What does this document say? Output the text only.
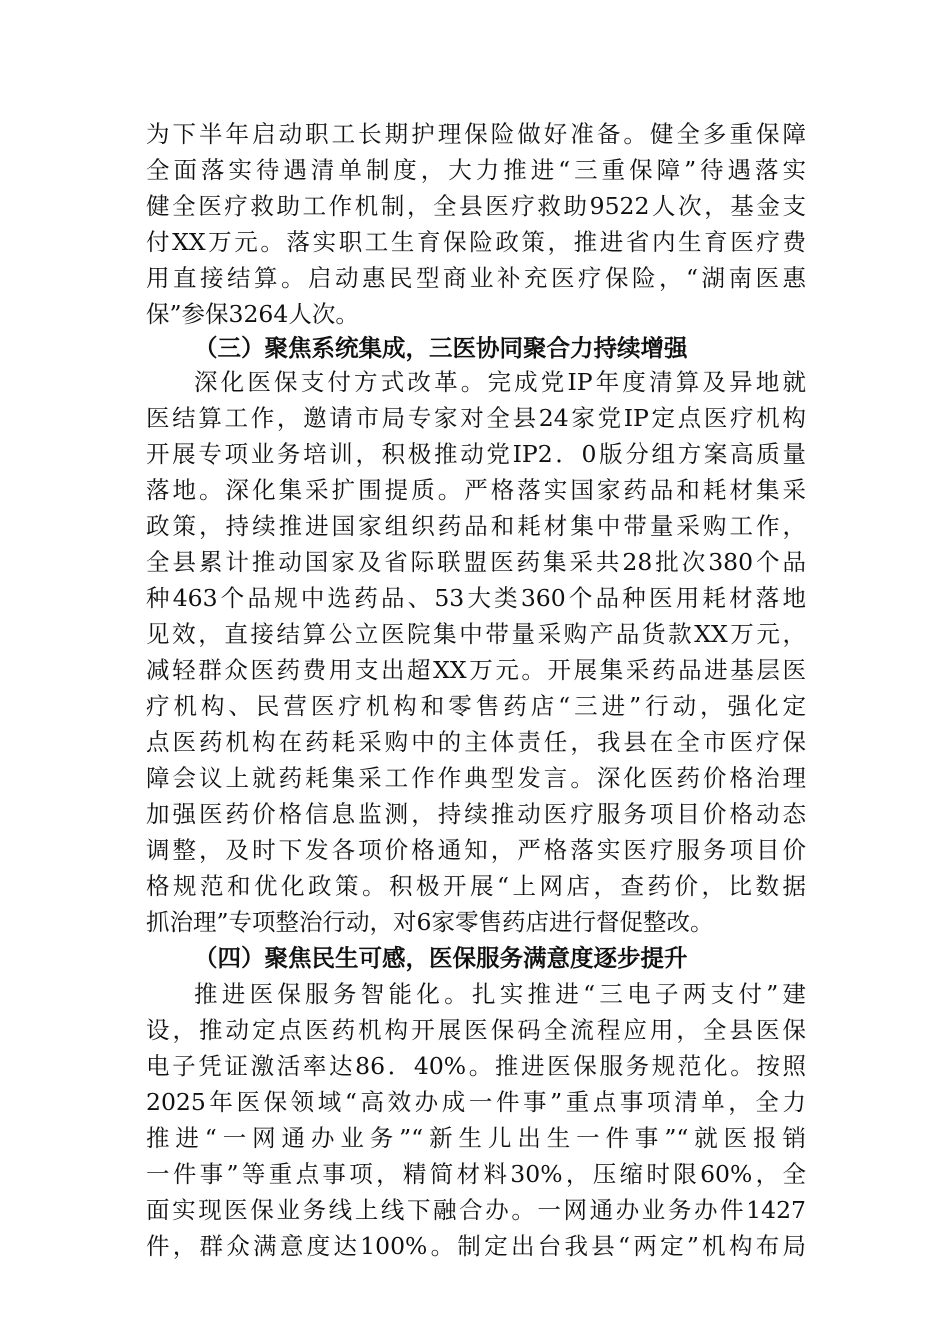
为下半年启动职工长期护理保险做好准备。健全多重保障
全面落实待遇清单制度，大力推进“三重保障”待遇落实
健全医疗救助工作机制，全县医疗救助9522人次，基金支
付XX万元。落实职工生育保险政策，推进省内生育医疗费
用直接结算。启动惠民型商业补充医疗保险，“湖南医惠
保”参保3264人次。
（三）聚焦系统集成，三医协同聚合力持续增强
深化医保支付方式改革。完成党IP年度清算及异地就
医结算工作，邀请市局专家对全县24家党IP定点医疗机构
开展专项业务培训，积极推动党IP2．0版分组方案高质量
落地。深化集采扩围提质。严格落实国家药品和耗材集采
政策，持续推进国家组织药品和耗材集中带量采购工作，
全县累计推动国家及省际联盟医药集采共28批次380个品
种463个品规中选药品、53大类360个品种医用耗材落地
见效，直接结算公立医院集中带量采购产品货款XX万元，
减轻群众医药费用支出超XX万元。开展集采药品进基层医
疗机构、民营医疗机构和零售药店“三进”行动，强化定
点医药机构在药耗采购中的主体责任，我县在全市医疗保
障会议上就药耗集采工作作典型发言。深化医药价格治理
加强医药价格信息监测，持续推动医疗服务项目价格动态
调整，及时下发各项价格通知，严格落实医疗服务项目价
格规范和优化政策。积极开展“上网店，查药价，比数据
抓治理”专项整治行动，对6家零售药店进行督促整改。
（四）聚焦民生可感，医保服务满意度逐步提升
推进医保服务智能化。扎实推进“三电子两支付”建
设，推动定点医药机构开展医保码全流程应用，全县医保
电子凭证激活率达86．40%。推进医保服务规范化。按照
2025年医保领域“高效办成一件事”重点事项清单，全力
推进“一网通办业务”“新生儿出生一件事”“就医报销
一件事”等重点事项，精简材料30%，压缩时限60%，全
面实现医保业务线上线下融合办。一网通办业务办件1427
件，群众满意度达100%。制定出台我县“两定”机构布局
